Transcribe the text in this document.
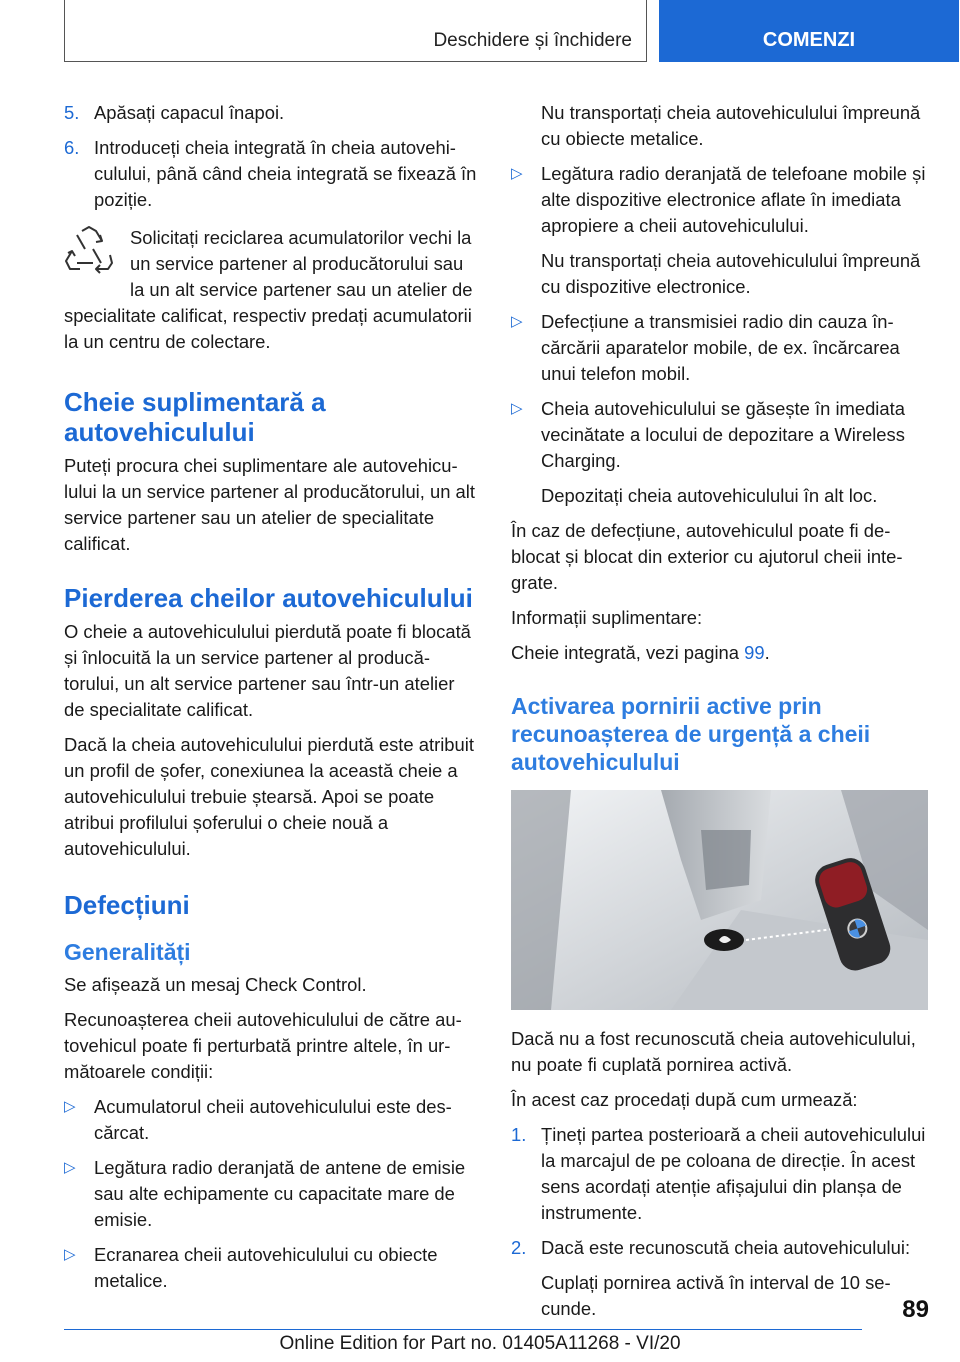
Deschidere și închidere	COMENZI
5. Apăsați capacul înapoi.
6. Introduceți cheia integrată în cheia autovehiculului, până când cheia integrată se fixează în poziție.

Solicitați reciclarea acumulatorilor vechi la un service partener al producătorului sau la un alt service partener sau un atelier de specialitate calificat, respectiv predați acumulatorii la un centru de colectare.

Cheie suplimentară a autovehiculului

Puteți procura chei suplimentare ale autovehiculului la un service partener al producătorului, un alt service partener sau un atelier de specialitate calificat.

Pierderea cheilor autovehiculului

O cheie a autovehiculului pierdută poate fi blocată și înlocuită la un service partener al producătorului, un alt service partener sau într-un atelier de specialitate calificat.

Dacă la cheia autovehiculului pierdută este atribuit un profil de șofer, conexiunea la această cheie a autovehiculului trebuie ștearsă. Apoi se poate atribui profilului șoferului o cheie nouă a autovehiculului.

Defecțiuni
Generalități

Se afișează un mesaj Check Control.

Recunoașterea cheii autovehiculului de către autovehicul poate fi perturbată printre altele, în următoarele condiții:

▷	Acumulatorul cheii autovehiculului este descărcat.
▷	Legătura radio deranjată de antene de emisie sau alte echipamente cu capacitate mare de emisie.
▷	Ecranarea cheii autovehiculului cu obiecte metalice.

Nu transportați cheia autovehiculului împreună cu obiecte metalice.

▷	Legătura radio deranjată de telefoane mobile și alte dispozitive electronice aflate în imediata apropiere a cheii autovehiculului.

Nu transportați cheia autovehiculului împreună cu dispozitive electronice.

▷	Defecțiune a transmisiei radio din cauza încărcării aparatelor mobile, de ex. încărcarea unui telefon mobil.
▷	Cheia autovehiculului se găsește în imediata vecinătate a locului de depozitare a Wireless Charging.

Depozitați cheia autovehiculului în alt loc.

În caz de defecțiune, autovehiculul poate fi deblocat și blocat din exterior cu ajutorul cheii integrate.

Informații suplimentare:

Cheie integrată, vezi pagina 99.

Activarea pornirii active prin recunoașterea de urgență a cheii autovehiculului

Dacă nu a fost recunoscută cheia autovehiculului, nu poate fi cuplată pornirea activă.

În acest caz procedați după cum urmează:

1. Țineți partea posterioară a cheii autovehiculului la marcajul de pe coloana de direcție. În acest sens acordați atenție afișajului din planșa de instrumente.
2. Dacă este recunoscută cheia autovehiculului:

Cuplați pornirea activă în interval de 10 secunde.	89
Online Edition for Part no. 01405A11268 - VI/20
